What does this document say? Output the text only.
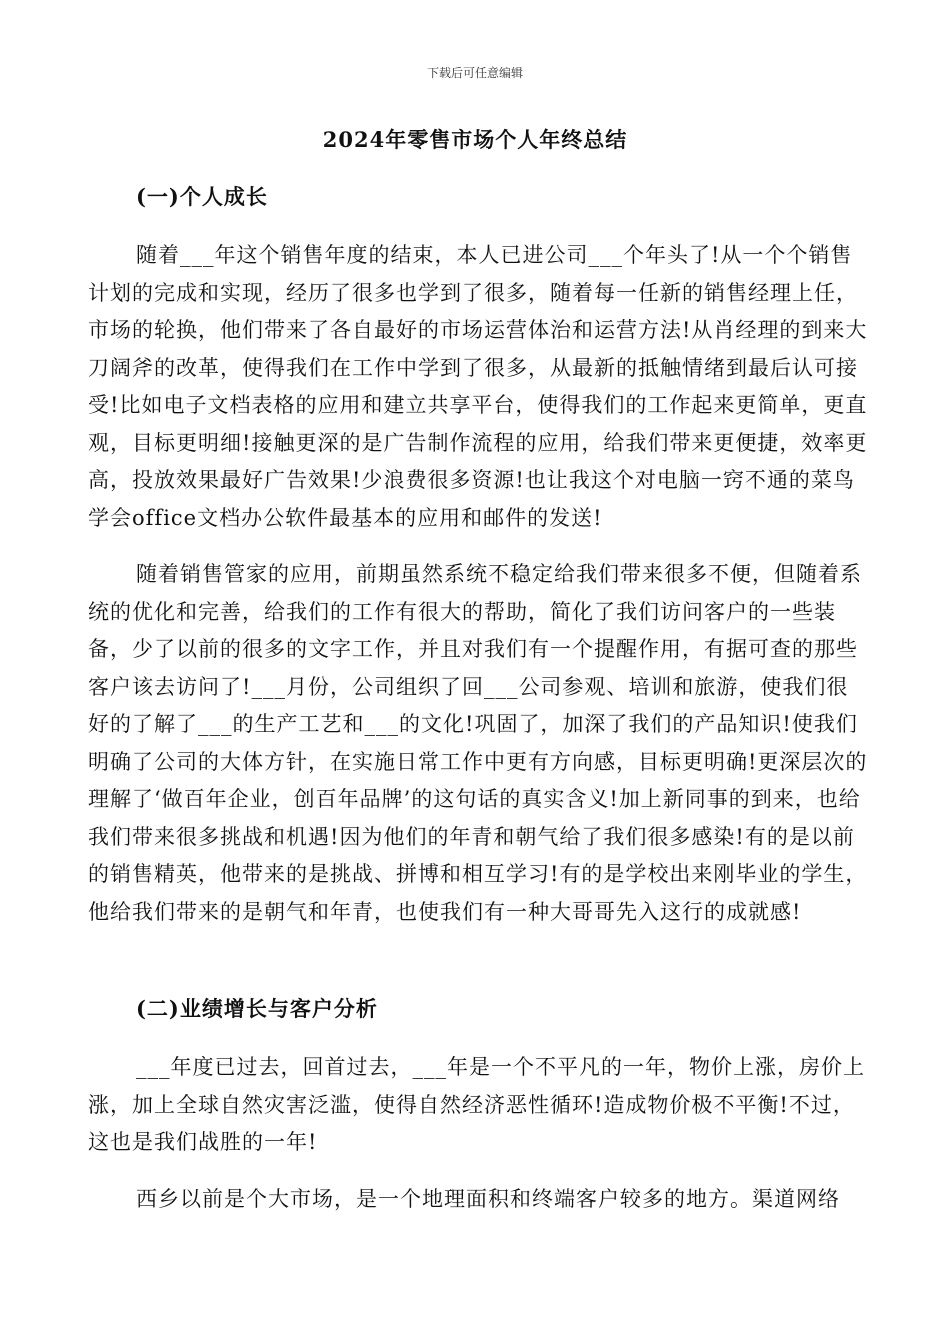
下载后可任意编辑
2024年零售市场个人年终总结
(一)个人成长

随着___年这个销售年度的结束，本人已进公司___个年头了!从一个个销售计划的完成和实现，经历了很多也学到了很多，随着每一任新的销售经理上任，市场的轮换，他们带来了各自最好的市场运营体治和运营方法!从肖经理的到来大刀阔斧的改革，使得我们在工作中学到了很多，从最新的抵触情绪到最后认可接受!比如电子文档表格的应用和建立共享平台，使得我们的工作起来更简单，更直观，目标更明细!接触更深的是广告制作流程的应用，给我们带来更便捷，效率更高，投放效果最好广告效果!少浪费很多资源!也让我这个对电脑一窍不通的菜鸟学会office文档办公软件最基本的应用和邮件的发送!

随着销售管家的应用，前期虽然系统不稳定给我们带来很多不便，但随着系统的优化和完善，给我们的工作有很大的帮助，简化了我们访问客户的一些装备，少了以前的很多的文字工作，并且对我们有一个提醒作用，有据可查的那些客户该去访问了!___月份，公司组织了回___公司参观、培训和旅游，使我们很好的了解了___的生产工艺和___的文化!巩固了，加深了我们的产品知识!使我们明确了公司的大体方针，在实施日常工作中更有方向感，目标更明确!更深层次的理解了‘做百年企业，创百年品牌’的这句话的真实含义!加上新同事的到来，也给我们带来很多挑战和机遇!因为他们的年青和朝气给了我们很多感染!有的是以前的销售精英，他带来的是挑战、拼博和相互学习!有的是学校出来刚毕业的学生，他给我们带来的是朝气和年青，也使我们有一种大哥哥先入这行的成就感!

(二)业绩增长与客户分析

___年度已过去，回首过去，___年是一个不平凡的一年，物价上涨，房价上涨，加上全球自然灾害泛滥，使得自然经济恶性循环!造成物价极不平衡!不过，这也是我们战胜的一年!

西乡以前是个大市场，是一个地理面积和终端客户较多的地方。渠道网络
